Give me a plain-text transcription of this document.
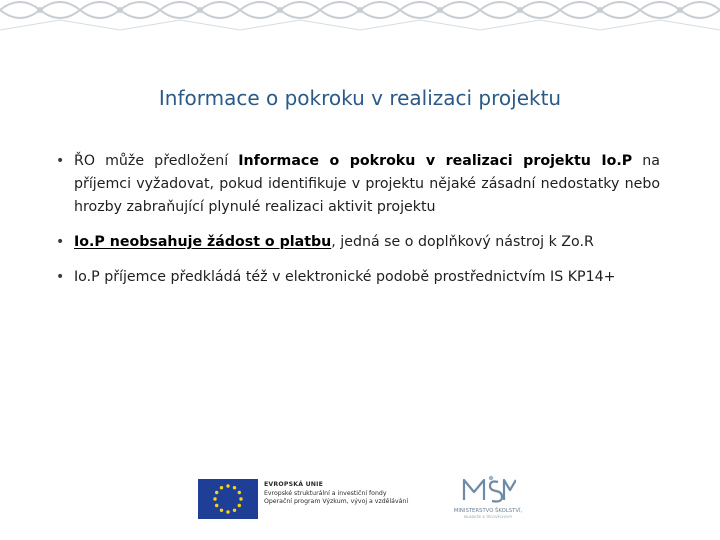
Informace o pokroku v realizaci projektu
• ŘO může předložení Informace o pokroku v realizaci projektu Io.P na příjemci vyžadovat, pokud identifikuje v projektu nějaké zásadní nedostatky nebo hrozby zabraňující plynulé realizaci aktivit projektu
• Io.P neobsahuje žádost o platbu, jedná se o doplňkový nástroj k Zo.R
• Io.P příjemce předkládá též v elektronické podobě prostřednictvím IS KP14+
EVROPSKÁ UNIE
Evropské strukturální a investiční fondy
Operační program Výzkum, vývoj a vzdělávání
MINISTERSTVO ŠKOLSTVÍ,
MLÁDEŽE A TĚLOVÝCHOVY
